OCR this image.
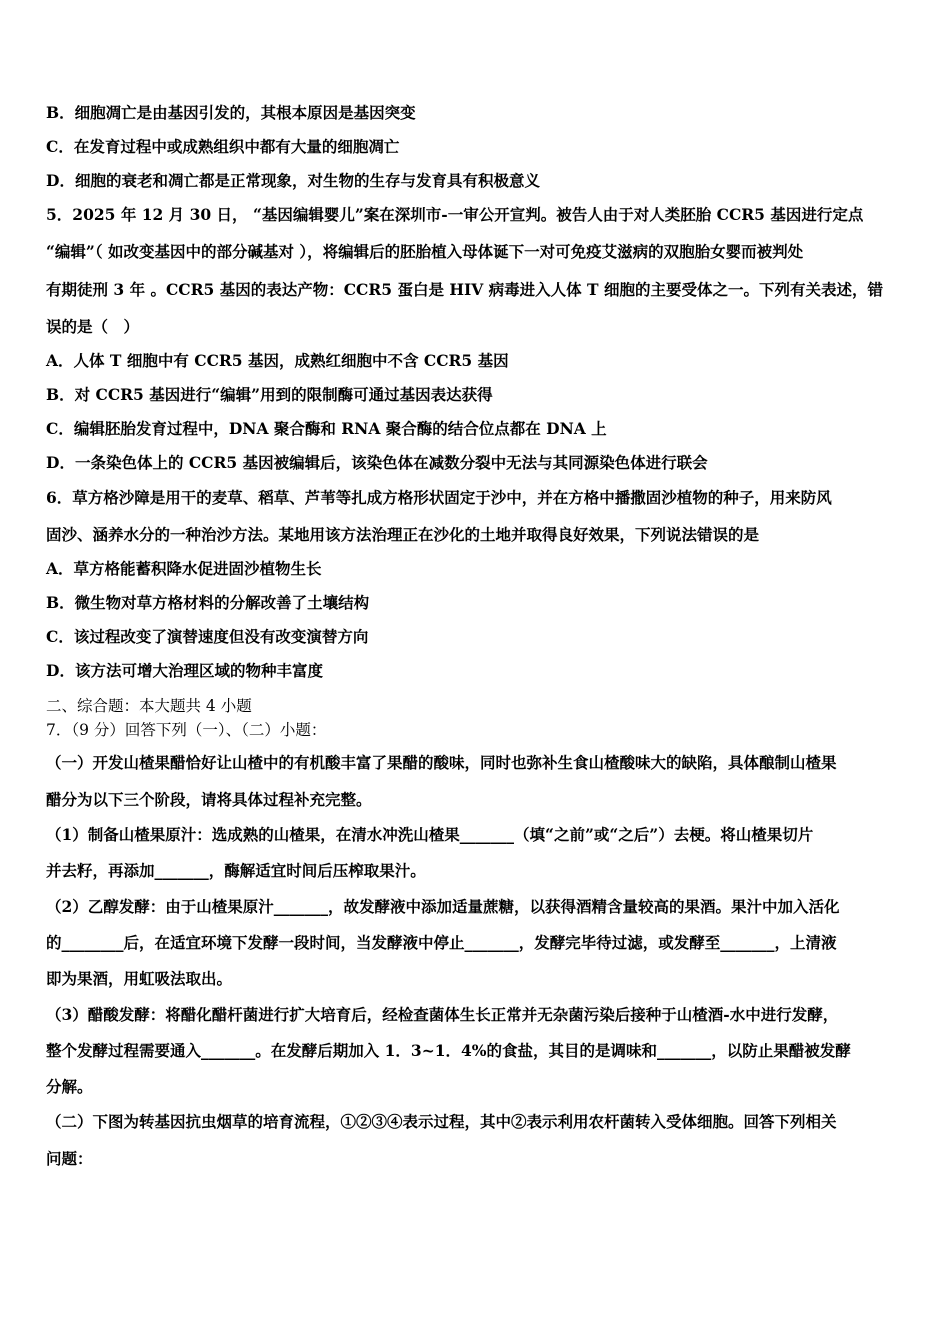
B．细胞凋亡是由基因引发的，其根本原因是基因突变
C．在发育过程中或成熟组织中都有大量的细胞凋亡
D．细胞的衰老和凋亡都是正常现象，对生物的生存与发育具有积极意义
5．2025 年 12 月 30 日， “基因编辑婴儿”案在深圳市-一审公开宣判。被告人由于对人类胚胎 CCR5 基因进行定点
“编辑”（ 如改变基因中的部分碱基对 ），将编辑后的胚胎植入母体诞下一对可免疫艾滋病的双胞胎女婴而被判处
有期徒刑 3 年 。CCR5 基因的表达产物：CCR5 蛋白是 HIV 病毒进入人体 T 细胞的主要受体之一。下列有关表述，错
误的是（　）
A．人体 T 细胞中有 CCR5 基因，成熟红细胞中不含 CCR5 基因
B．对 CCR5 基因进行“编辑”用到的限制酶可通过基因表达获得
C．编辑胚胎发育过程中，DNA 聚合酶和 RNA 聚合酶的结合位点都在 DNA 上
D．一条染色体上的 CCR5 基因被编辑后，该染色体在减数分裂中无法与其同源染色体进行联会
6．草方格沙障是用干的麦草、稻草、芦苇等扎成方格形状固定于沙中，并在方格中播撒固沙植物的种子，用来防风
固沙、涵养水分的一种治沙方法。某地用该方法治理正在沙化的土地并取得良好效果，下列说法错误的是
A．草方格能蓄积降水促进固沙植物生长
B．微生物对草方格材料的分解改善了土壤结构
C．该过程改变了演替速度但没有改变演替方向
D．该方法可增大治理区域的物种丰富度
二、综合题：本大题共 4 小题
7．（9 分）回答下列（一）、（二）小题：
（一）开发山楂果醋恰好让山楂中的有机酸丰富了果醋的酸味，同时也弥补生食山楂酸味大的缺陷，具体酿制山楂果
醋分为以下三个阶段，请将具体过程补充完整。
（1）制备山楂果原汁：选成熟的山楂果，在清水冲洗山楂果_______（填“之前”或“之后”）去梗。将山楂果切片
并去籽，再添加_______，酶解适宜时间后压榨取果汁。
（2）乙醇发酵：由于山楂果原汁_______，故发酵液中添加适量蔗糖，以获得酒精含量较高的果酒。果汁中加入活化
的________后，在适宜环境下发酵一段时间，当发酵液中停止_______，发酵完毕待过滤，或发酵至_______，上清液
即为果酒，用虹吸法取出。
（3）醋酸发酵：将醋化醋杆菌进行扩大培育后，经检查菌体生长正常并无杂菌污染后接种于山楂酒-水中进行发酵，
整个发酵过程需要通入_______。在发酵后期加入 1．3~1．4%的食盐，其目的是调味和_______，以防止果醋被发酵
分解。
（二）下图为转基因抗虫烟草的培育流程，①②③④表示过程，其中②表示利用农杆菌转入受体细胞。回答下列相关
问题：
